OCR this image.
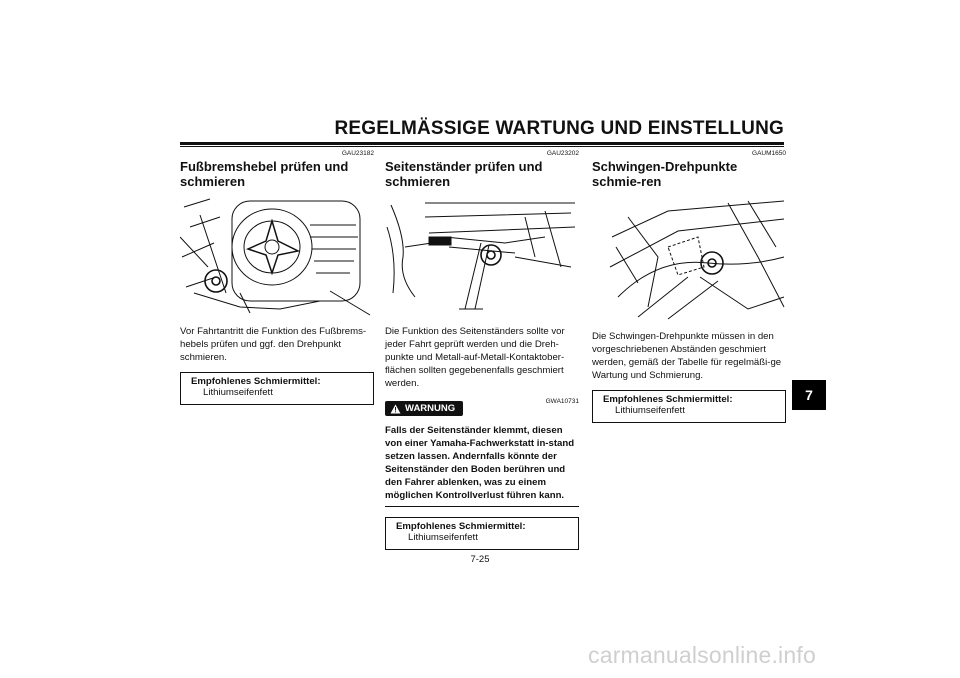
REGELMÄSSIGE WARTUNG UND EINSTELLUNG
GAU23182
Fußbremshebel prüfen und schmieren

Vor Fahrtantritt die Funktion des Fußbrems-hebels prüfen und ggf. den Drehpunkt schmieren.

Empfohlenes Schmiermittel:
Lithiumseifenfett
GAU23202
Seitenständer prüfen und schmieren

Die Funktion des Seitenständers sollte vor jeder Fahrt geprüft werden und die Dreh-punkte und Metall-auf-Metall-Kontaktober-flächen sollten gegebenenfalls geschmiert werden.

WARNUNG
GWA10731
Falls der Seitenständer klemmt, diesen von einer Yamaha-Fachwerkstatt in-stand setzen lassen. Andernfalls könnte der Seitenständer den Boden berühren und den Fahrer ablenken, was zu einem möglichen Kontrollverlust führen kann.
Empfohlenes Schmiermittel:
Lithiumseifenfett
GAUM1650
Schwingen-Drehpunkte schmie-ren

Die Schwingen-Drehpunkte müssen in den vorgeschriebenen Abständen geschmiert werden, gemäß der Tabelle für regelmäßi-ge Wartung und Schmierung.

Empfohlenes Schmiermittel:
Lithiumseifenfett
7
7-25
carmanualsonline.info
